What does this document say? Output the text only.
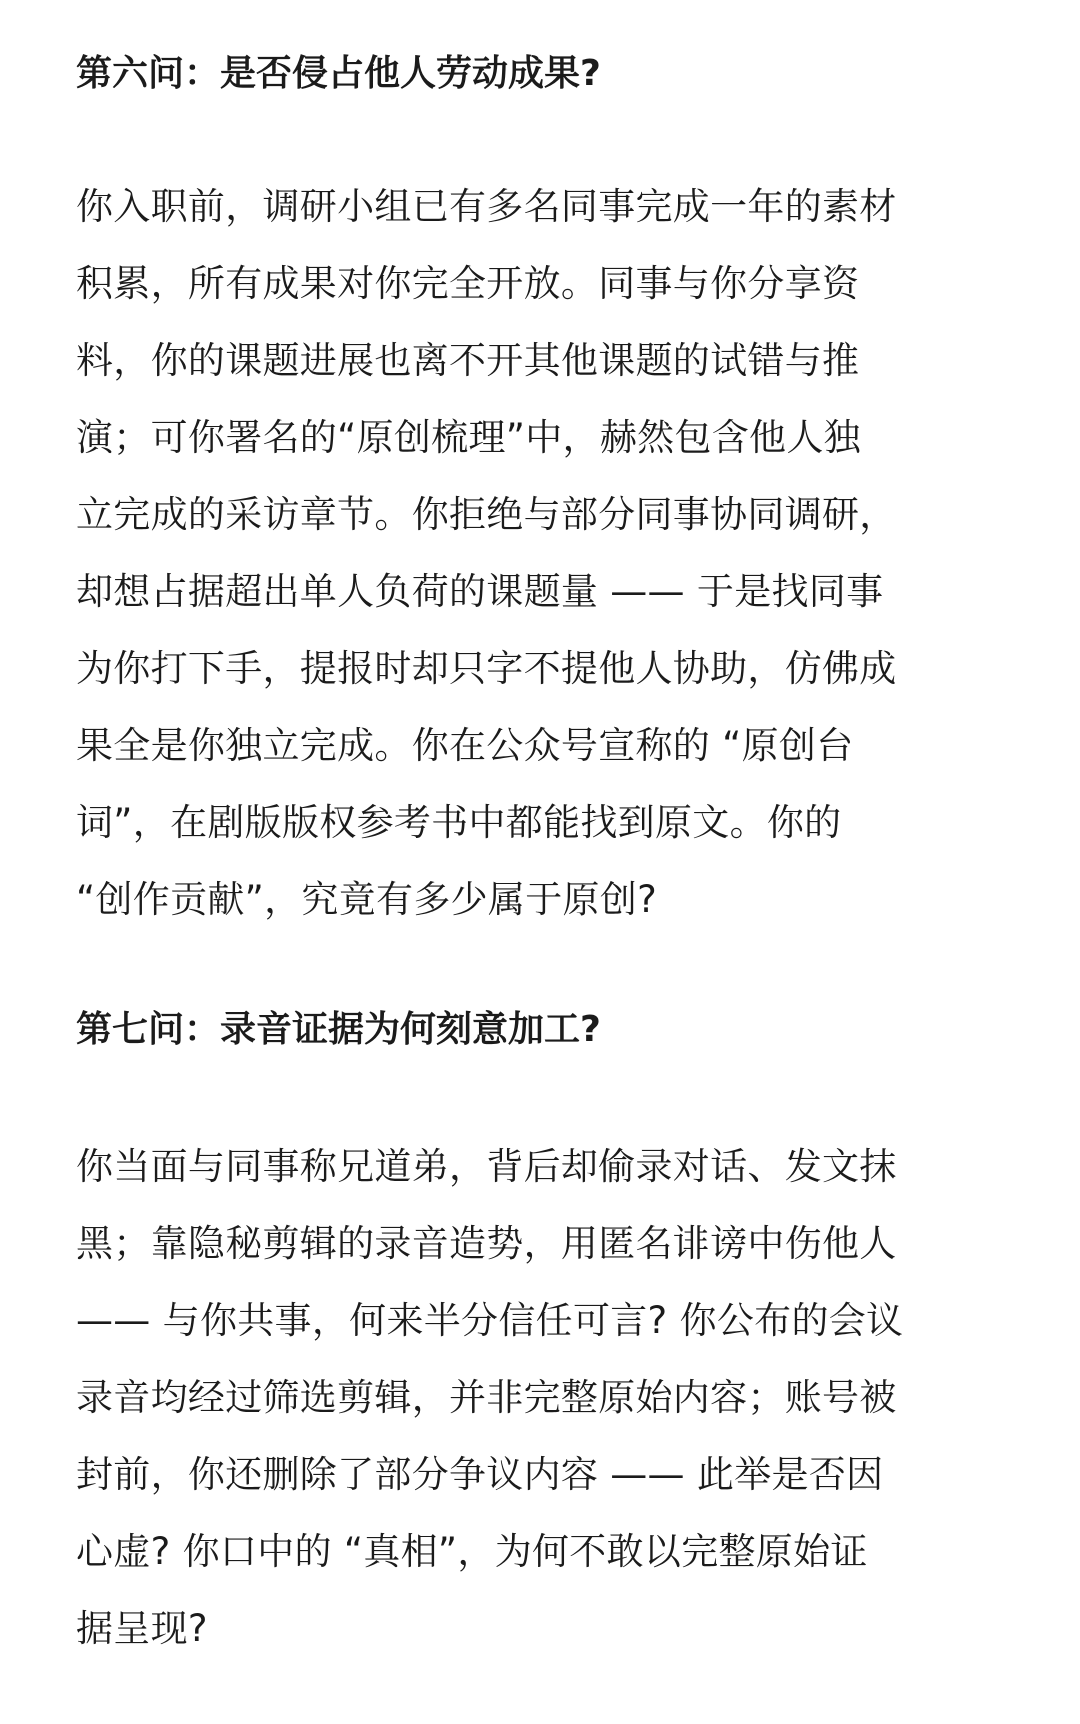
第六问：是否侵占他人劳动成果?

你入职前，调研小组已有多名同事完成一年的素材

积累，所有成果对你完全开放。同事与你分享资

料，你的课题进展也离不开其他课题的试错与推

演；可你署名的“原创梳理”中，赫然包含他人独

立完成的采访章节。你拒绝与部分同事协同调研，

却想占据超出单人负荷的课题量 —— 于是找同事

为你打下手，提报时却只字不提他人协助，仿佛成

果全是你独立完成。你在公众号宣称的 “原创台

词”，在剧版版权参考书中都能找到原文。你的

“创作贡献”，究竟有多少属于原创?

第七问：录音证据为何刻意加工?

你当面与同事称兄道弟，背后却偷录对话、发文抹

黑；靠隐秘剪辑的录音造势，用匿名诽谤中伤他人

—— 与你共事，何来半分信任可言? 你公布的会议

录音均经过筛选剪辑，并非完整原始内容；账号被

封前，你还删除了部分争议内容 —— 此举是否因

心虚? 你口中的 “真相”，为何不敢以完整原始证

据呈现?
